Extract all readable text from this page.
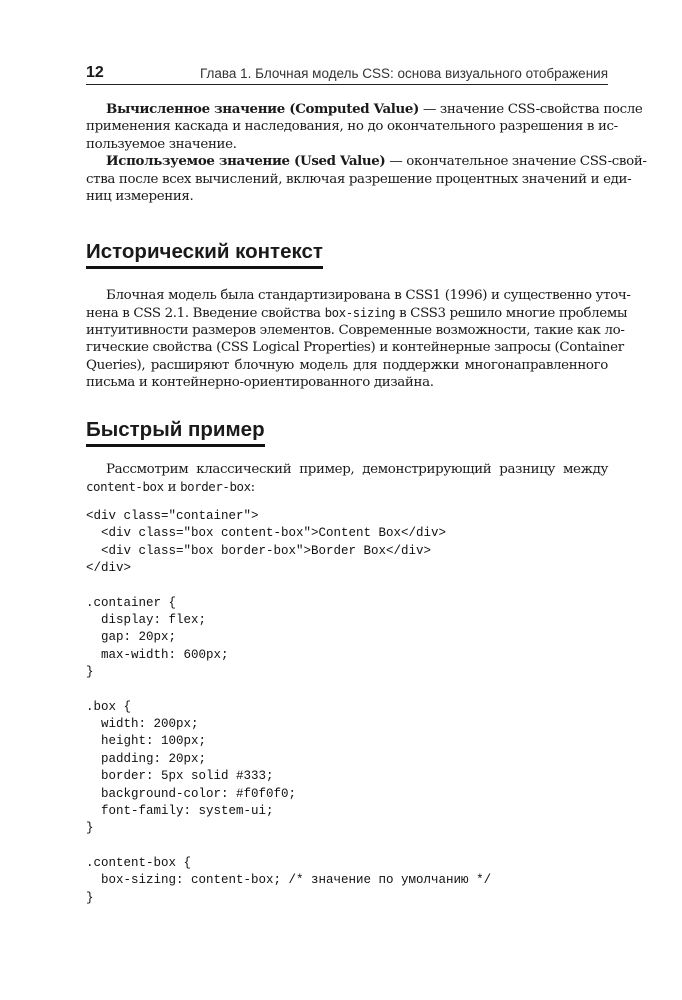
12	Глава 1. Блочная модель CSS: основа визуального отображения
Вычисленное значение (Computed Value) — значение CSS-свойства после
применения каскада и наследования, но до окончательного разрешения в ис-
пользуемое значение.
Используемое значение (Used Value) — окончательное значение CSS-свой-
ства после всех вычислений, включая разрешение процентных значений и еди-
ниц измерения.
Исторический контекст
Блочная модель была стандартизирована в CSS1 (1996) и существенно уточ-
нена в CSS 2.1. Введение свойства box-sizing в CSS3 решило многие проблемы
интуитивности размеров элементов. Современные возможности, такие как ло-
гические свойства (CSS Logical Properties) и контейнерные запросы (Container
Queries), расширяют блочную модель для поддержки многонаправленного
письма и контейнерно-ориентированного дизайна.
Быстрый пример
Рассмотрим классический пример, демонстрирующий разницу между
content-box и border-box:
<div class="container">
<div class="box content-box">Content Box</div>
<div class="box border-box">Border Box</div>
</div>
.container {
display: flex;
gap: 20px;
max-width: 600px;
}
.box {
width: 200px;
height: 100px;
padding: 20px;
border: 5px solid #333;
background-color: #f0f0f0;
font-family: system-ui;
}
.content-box {
box-sizing: content-box; /* значение по умолчанию */
}
